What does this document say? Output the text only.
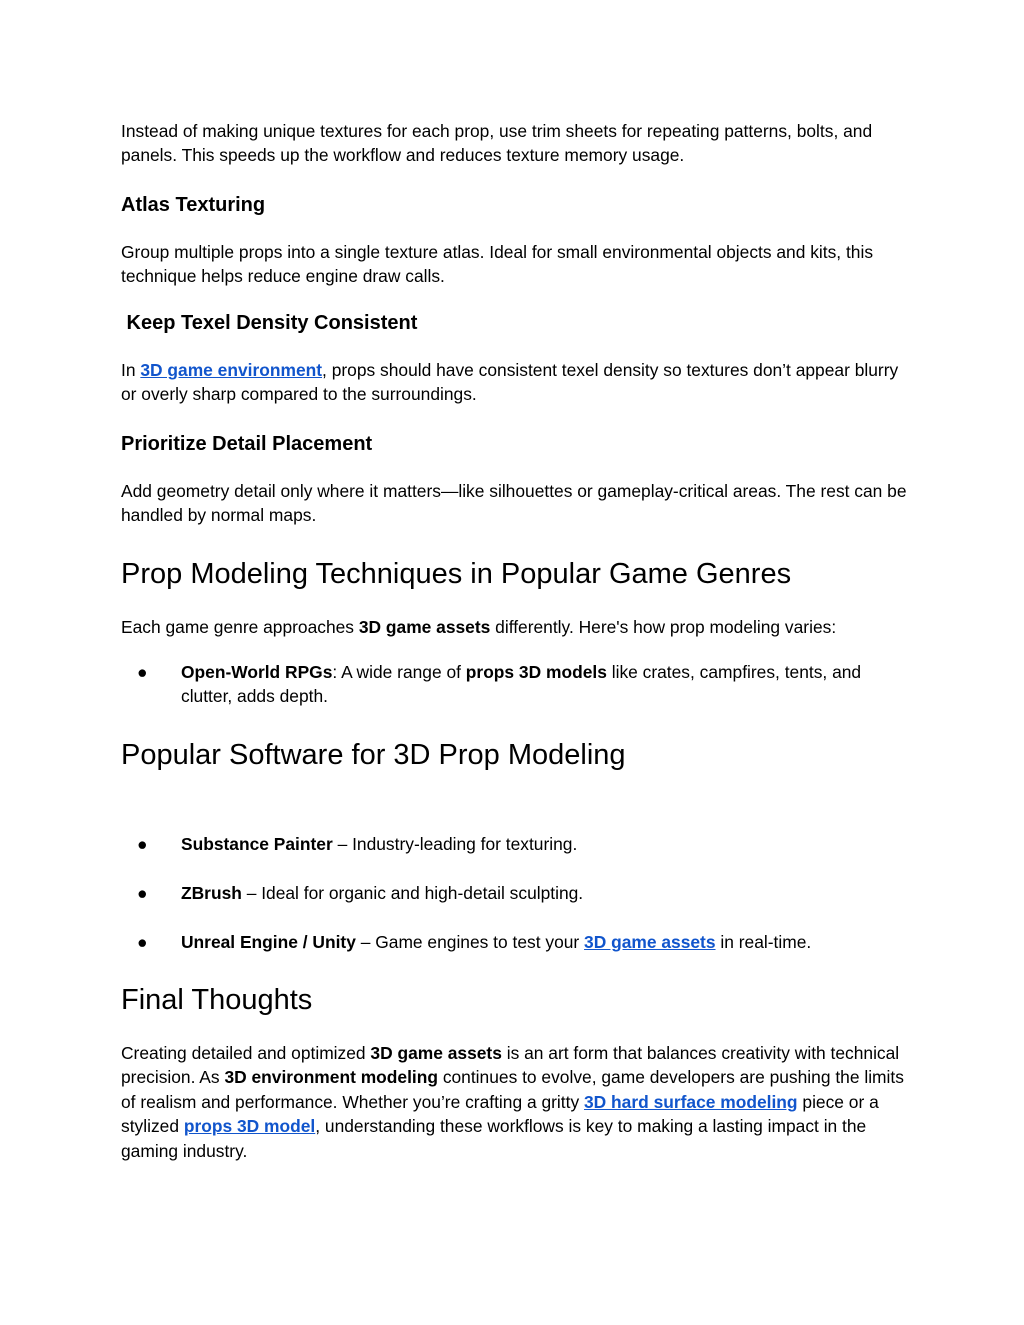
Instead of making unique textures for each prop, use trim sheets for repeating patterns, bolts, and panels. This speeds up the workflow and reduces texture memory usage.

Atlas Texturing

Group multiple props into a single texture atlas. Ideal for small environmental objects and kits, this technique helps reduce engine draw calls.

Keep Texel Density Consistent

In 3D game environment, props should have consistent texel density so textures don’t appear blurry or overly sharp compared to the surroundings.

Prioritize Detail Placement

Add geometry detail only where it matters—like silhouettes or gameplay-critical areas. The rest can be handled by normal maps.

Prop Modeling Techniques in Popular Game Genres

Each game genre approaches 3D game assets differently. Here's how prop modeling varies:

● Open-World RPGs: A wide range of props 3D models like crates, campfires, tents, and clutter, adds depth.
Popular Software for 3D Prop Modeling
● Substance Painter – Industry-leading for texturing.
● ZBrush – Ideal for organic and high-detail sculpting.
● Unreal Engine / Unity – Game engines to test your 3D game assets in real-time.
Final Thoughts

Creating detailed and optimized 3D game assets is an art form that balances creativity with technical precision. As 3D environment modeling continues to evolve, game developers are pushing the limits of realism and performance. Whether you’re crafting a gritty 3D hard surface modeling piece or a stylized props 3D model, understanding these workflows is key to making a lasting impact in the gaming industry.
